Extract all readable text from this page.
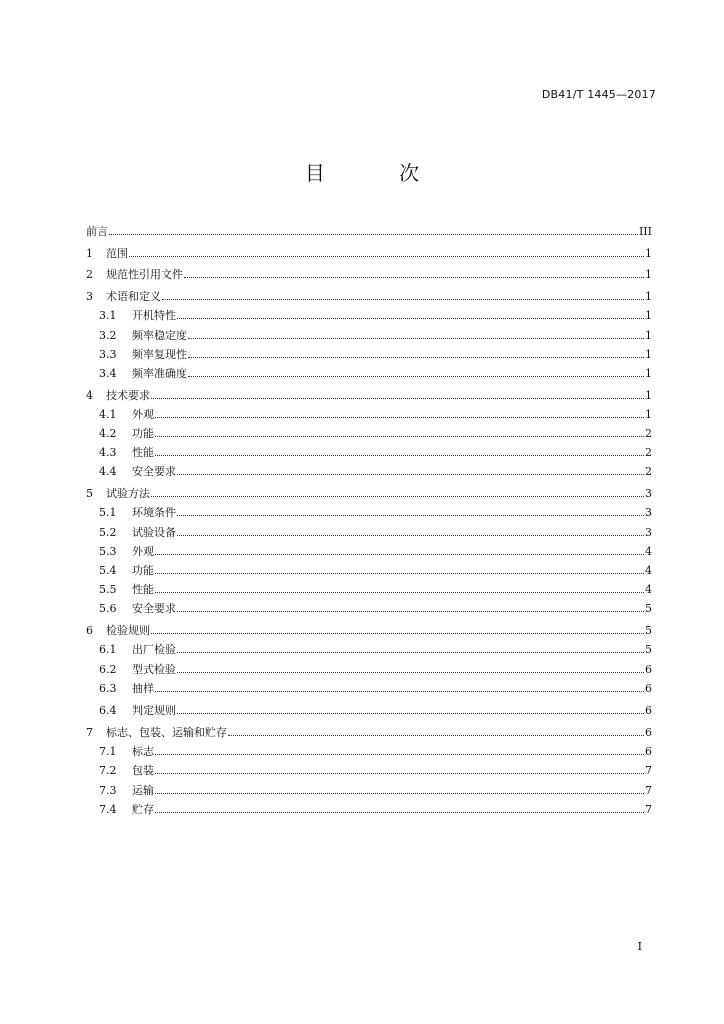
DB41/T 1445—2017
目 次
前言	III
1	范围	1
2	规范性引用文件	1
3	术语和定义	1
3.1	开机特性	1
3.2	频率稳定度	1
3.3	频率复现性	1
3.4	频率准确度	1
4	技术要求	1
4.1	外观	1
4.2	功能	2
4.3	性能	2
4.4	安全要求	2
5	试验方法	3
5.1	环境条件	3
5.2	试验设备	3
5.3	外观	4
5.4	功能	4
5.5	性能	4
5.6	安全要求	5
6	检验规则	5
6.1	出厂检验	5
6.2	型式检验	6
6.3	抽样	6
6.4	判定规则	6
7	标志、包装、运输和贮存	6
7.1	标志	6
7.2	包装	7
7.3	运输	7
7.4	贮存	7
I
